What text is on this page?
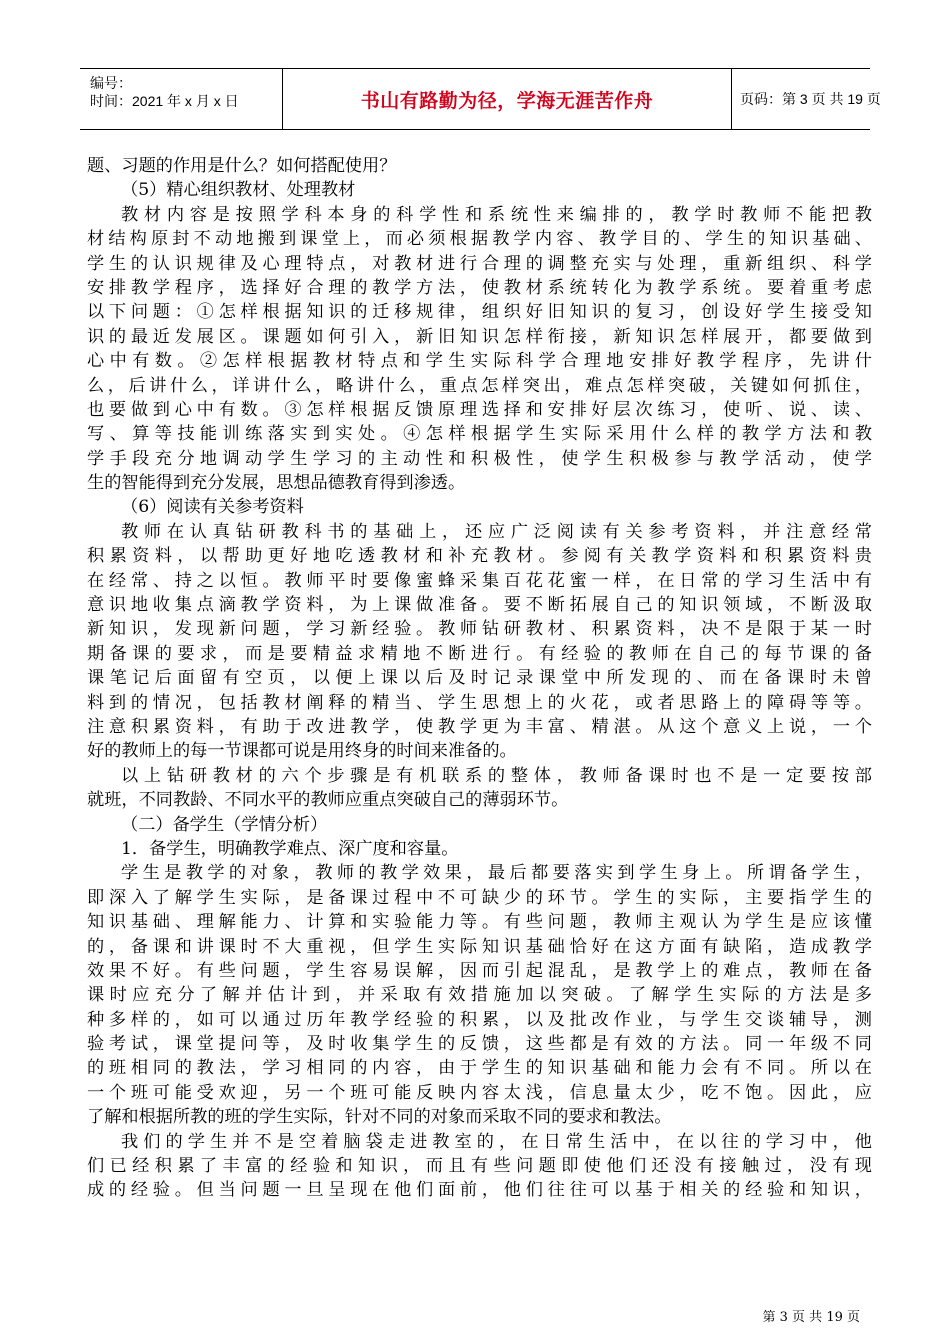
编号：
时间：2021 年 x 月 x 日	书山有路勤为径，学海无涯苦作舟	页码：第 3 页 共 19 页
题、习题的作用是什么？如何搭配使用？
（5）精心组织教材、处理教材
教材内容是按照学科本身的科学性和系统性来编排的，教学时教师不能把教
材结构原封不动地搬到课堂上，而必须根据教学内容、教学目的、学生的知识基础、
学生的认识规律及心理特点，对教材进行合理的调整充实与处理，重新组织、科学
安排教学程序，选择好合理的教学方法，使教材系统转化为教学系统。要着重考虑
以下问题：①怎样根据知识的迁移规律，组织好旧知识的复习，创设好学生接受知
识的最近发展区。课题如何引入，新旧知识怎样衔接，新知识怎样展开，都要做到
心中有数。②怎样根据教材特点和学生实际科学合理地安排好教学程序，先讲什
么，后讲什么，详讲什么，略讲什么，重点怎样突出，难点怎样突破，关键如何抓住，
也要做到心中有数。③怎样根据反馈原理选择和安排好层次练习，使听、说、读、
写、算等技能训练落实到实处。④怎样根据学生实际采用什么样的教学方法和教
学手段充分地调动学生学习的主动性和积极性，使学生积极参与教学活动，使学
生的智能得到充分发展，思想品德教育得到渗透。
（6）阅读有关参考资料
教师在认真钻研教科书的基础上，还应广泛阅读有关参考资料，并注意经常
积累资料，以帮助更好地吃透教材和补充教材。参阅有关教学资料和积累资料贵
在经常、持之以恒。教师平时要像蜜蜂采集百花花蜜一样，在日常的学习生活中有
意识地收集点滴教学资料，为上课做准备。要不断拓展自己的知识领域，不断汲取
新知识，发现新问题，学习新经验。教师钻研教材、积累资料，决不是限于某一时
期备课的要求，而是要精益求精地不断进行。有经验的教师在自己的每节课的备
课笔记后面留有空页，以便上课以后及时记录课堂中所发现的、而在备课时未曾
料到的情况，包括教材阐释的精当、学生思想上的火花，或者思路上的障碍等等。
注意积累资料，有助于改进教学，使教学更为丰富、精湛。从这个意义上说，一个
好的教师上的每一节课都可说是用终身的时间来准备的。
以上钻研教材的六个步骤是有机联系的整体，教师备课时也不是一定要按部
就班，不同教龄、不同水平的教师应重点突破自己的薄弱环节。
（二）备学生（学情分析）
1．备学生，明确教学难点、深广度和容量。
学生是教学的对象，教师的教学效果，最后都要落实到学生身上。所谓备学生，
即深入了解学生实际，是备课过程中不可缺少的环节。学生的实际，主要指学生的
知识基础、理解能力、计算和实验能力等。有些问题，教师主观认为学生是应该懂
的，备课和讲课时不大重视，但学生实际知识基础恰好在这方面有缺陷，造成教学
效果不好。有些问题，学生容易误解，因而引起混乱，是教学上的难点，教师在备
课时应充分了解并估计到，并采取有效措施加以突破。了解学生实际的方法是多
种多样的，如可以通过历年教学经验的积累，以及批改作业，与学生交谈辅导，测
验考试，课堂提问等，及时收集学生的反馈，这些都是有效的方法。同一年级不同
的班相同的教法，学习相同的内容，由于学生的知识基础和能力会有不同。所以在
一个班可能受欢迎，另一个班可能反映内容太浅，信息量太少，吃不饱。因此，应
了解和根据所教的班的学生实际，针对不同的对象而采取不同的要求和教法。
我们的学生并不是空着脑袋走进教室的，在日常生活中，在以往的学习中，他
们已经积累了丰富的经验和知识，而且有些问题即使他们还没有接触过，没有现
成的经验。但当问题一旦呈现在他们面前，他们往往可以基于相关的经验和知识，
第 3 页 共 19 页
